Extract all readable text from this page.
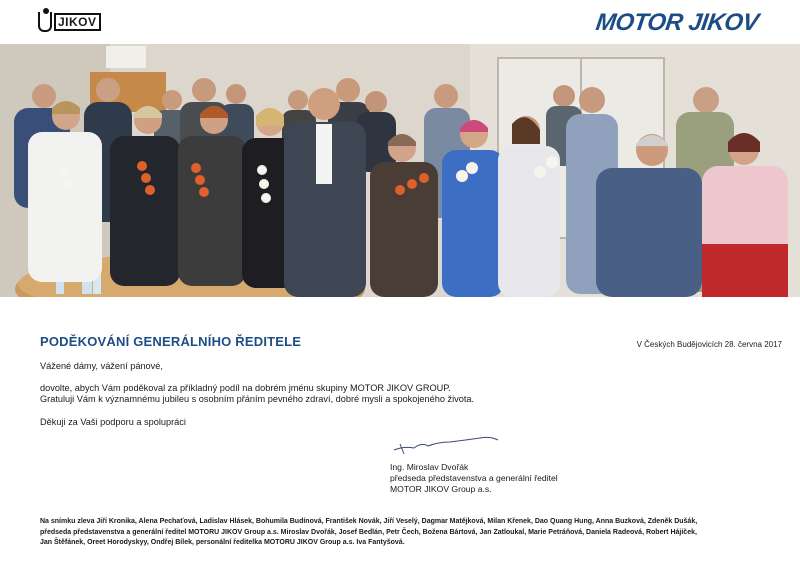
JIKOV	MOTOR JIKOV
PODĚKOVÁNÍ GENERÁLNÍHO ŘEDITELE	V Českých Budějovicích 28. června 2017
Vážené dámy, vážení pánové,
dovolte, abych Vám poděkoval za příkladný podíl na dobrém jménu skupiny MOTOR JIKOV GROUP.
Gratuluji Vám k významnému jubileu s osobním přáním pevného zdraví, dobré mysli a spokojeného života.
Děkuji za Vaši podporu a spolupráci
Ing. Miroslav Dvořák
předseda představenstva a generální ředitel
MOTOR JIKOV Group a.s.
Na snímku zleva Jiří Kronika, Alena Pechaťová, Ladislav Hlásek, Bohumila Budínová, František Novák, Jiří Veselý, Dagmar Matějková, Milan Křenek, Dao Quang Hung, Anna Buzková, Zdeněk Dušák,
předseda představenstva a generální ředitel MOTORU JIKOV Group a.s. Miroslav Dvořák, Josef Bedlán, Petr Čech, Božena Bártová, Jan Zatloukal, Marie Petráňová, Daniela Radeová, Robert Hájíček,
Jan Štěfánek, Oreet Horodyskyy, Ondřej Bílek, personální ředitelka MOTORU JIKOV Group a.s. Iva Fantyšová.
